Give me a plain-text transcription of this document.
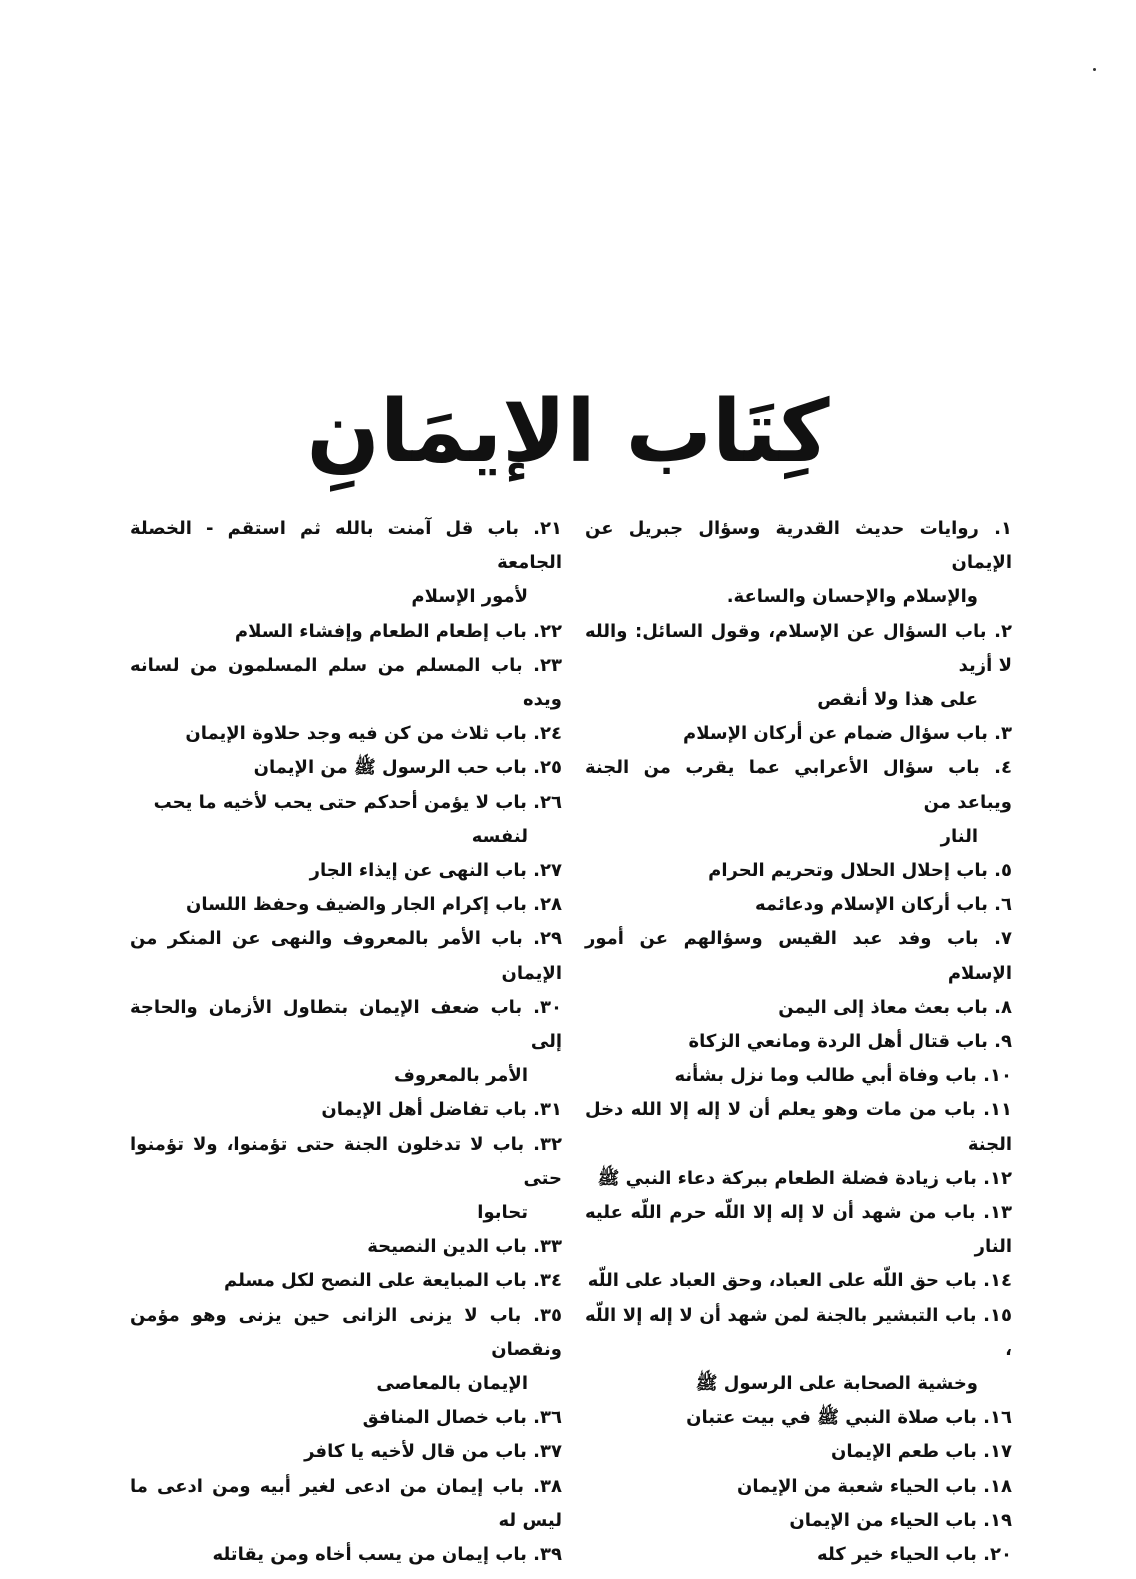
كِتَاب الإيمَانِ
١. روايات حديث القدرية وسؤال جبريل عن الإيمان
والإسلام والإحسان والساعة.
٢. باب السؤال عن الإسلام، وقول السائل: والله لا أزيد
على هذا ولا أنقص
٣. باب سؤال ضمام عن أركان الإسلام
٤. باب سؤال الأعرابي عما يقرب من الجنة ويباعد من
النار
٥. باب إحلال الحلال وتحريم الحرام
٦. باب أركان الإسلام ودعائمه
٧. باب وفد عبد القيس وسؤالهم عن أمور الإسلام
٨. باب بعث معاذ إلى اليمن
٩. باب قتال أهل الردة ومانعي الزكاة
١٠. باب وفاة أبي طالب وما نزل بشأنه
١١. باب من مات وهو يعلم أن لا إله إلا الله دخل الجنة
١٢. باب زيادة فضلة الطعام ببركة دعاء النبي ﷺ
١٣. باب من شهد أن لا إله إلا اللّه حرم اللّه عليه النار
١٤. باب حق اللّه على العباد، وحق العباد على اللّه
١٥. باب التبشير بالجنة لمن شهد أن لا إله إلا اللّه ،
وخشية الصحابة على الرسول ﷺ
١٦. باب صلاة النبي ﷺ في بيت عتبان
١٧. باب طعم الإيمان
١٨. باب الحياء شعبة من الإيمان
١٩. باب الحياء من الإيمان
٢٠. باب الحياء خير كله
٢١. باب قل آمنت بالله ثم استقم - الخصلة الجامعة
لأمور الإسلام
٢٢. باب إطعام الطعام وإفشاء السلام
٢٣. باب المسلم من سلم المسلمون من لسانه ويده
٢٤. باب ثلاث من كن فيه وجد حلاوة الإيمان
٢٥. باب حب الرسول ﷺ من الإيمان
٢٦. باب لا يؤمن أحدكم حتى يحب لأخيه ما يحب
لنفسه
٢٧. باب النهى عن إيذاء الجار
٢٨. باب إكرام الجار والضيف وحفظ اللسان
٢٩. باب الأمر بالمعروف والنهى عن المنكر من الإيمان
٣٠. باب ضعف الإيمان بتطاول الأزمان والحاجة إلى
الأمر بالمعروف
٣١. باب تفاضل أهل الإيمان
٣٢. باب لا تدخلون الجنة حتى تؤمنوا، ولا تؤمنوا حتى
تحابوا
٣٣. باب الدين النصيحة
٣٤. باب المبايعة على النصح لكل مسلم
٣٥. باب لا يزنى الزانى حين يزنى وهو مؤمن ونقصان
الإيمان بالمعاصى
٣٦. باب خصال المنافق
٣٧. باب من قال لأخيه يا كافر
٣٨. باب إيمان من ادعى لغير أبيه ومن ادعى ما ليس له
٣٩. باب إيمان من يسب أخاه ومن يقاتله
